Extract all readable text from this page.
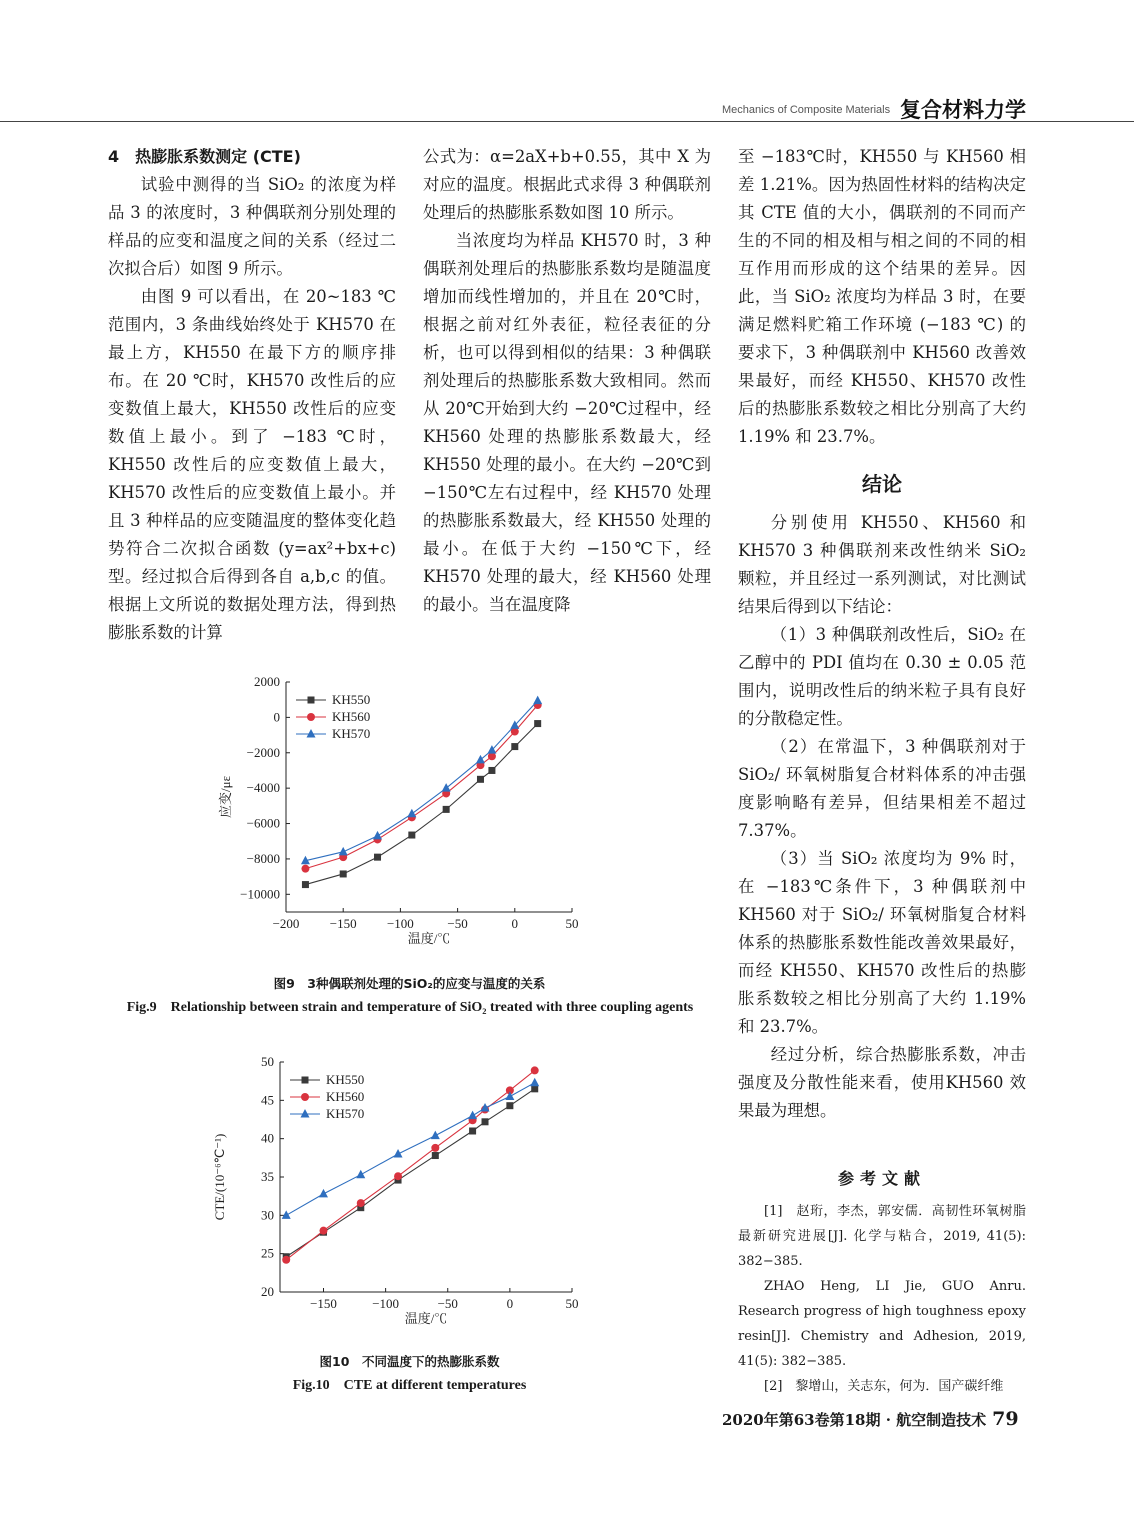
Mechanics of Composite Materials 复合材料力学

4　热膨胀系数测定 (CTE)

试验中测得的当 SiO₂ 的浓度为样品 3 的浓度时，3 种偶联剂分别处理的样品的应变和温度之间的关系（经过二次拟合后）如图 9 所示。

由图 9 可以看出，在 20~183 ℃范围内，3 条曲线始终处于 KH570 在最上方，KH550 在最下方的顺序排布。在 20 ℃时，KH570 改性后的应变数值上最大，KH550 改性后的应变数值上最小。到了 −183 ℃时，KH550 改性后的应变数值上最大，KH570 改性后的应变数值上最小。并且 3 种样品的应变随温度的整体变化趋势符合二次拟合函数 (y=ax²+bx+c) 型。经过拟合后得到各自 a,b,c 的值。根据上文所说的数据处理方法，得到热膨胀系数的计算

公式为：α=2aX+b+0.55，其中 X 为对应的温度。根据此式求得 3 种偶联剂处理后的热膨胀系数如图 10 所示。

当浓度均为样品 KH570 时，3 种偶联剂处理后的热膨胀系数均是随温度增加而线性增加的，并且在 20℃时，根据之前对红外表征，粒径表征的分析，也可以得到相似的结果：3 种偶联剂处理后的热膨胀系数大致相同。然而从 20℃开始到大约 −20℃过程中，经 KH560 处理的热膨胀系数最大，经 KH550 处理的最小。在大约 −20℃到 −150℃左右过程中，经 KH570 处理的热膨胀系数最大，经 KH550 处理的最小。在低于大约 −150℃下，经 KH570 处理的最大，经 KH560 处理的最小。当在温度降

至 −183℃时，KH550 与 KH560 相差 1.21%。因为热固性材料的结构决定其 CTE 值的大小，偶联剂的不同而产生的不同的相及相与相之间的不同的相互作用而形成的这个结果的差异。因此，当 SiO₂ 浓度均为样品 3 时，在要满足燃料贮箱工作环境 (−183 ℃) 的要求下，3 种偶联剂中 KH560 改善效果最好，而经 KH550、KH570 改性后的热膨胀系数较之相比分别高了大约 1.19% 和 23.7%。

结论

分别使用 KH550、KH560 和 KH570 3 种偶联剂来改性纳米 SiO₂ 颗粒，并且经过一系列测试，对比测试结果后得到以下结论：

（1）3 种偶联剂改性后，SiO₂ 在乙醇中的 PDI 值均在 0.30 ± 0.05 范围内，说明改性后的纳米粒子具有良好的分散稳定性。

（2）在常温下，3 种偶联剂对于 SiO₂/ 环氧树脂复合材料体系的冲击强度影响略有差异，但结果相差不超过 7.37%。

（3）当 SiO₂ 浓度均为 9% 时，在 −183℃条件下，3 种偶联剂中 KH560 对于 SiO₂/ 环氧树脂复合材料体系的热膨胀系数性能改善效果最好，而经 KH550、KH570 改性后的热膨胀系数较之相比分别高了大约 1.19% 和 23.7%。

经过分析，综合热膨胀系数，冲击强度及分散性能来看，使用KH560 效果最为理想。

参考文献

[1]　赵珩，李杰，郭安儒．高韧性环氧树脂最新研究进展[J]. 化学与粘合，2019, 41(5): 382−385.

ZHAO Heng, LI Jie, GUO Anru. Research progress of high toughness epoxy resin[J]. Chemistry and Adhesion, 2019, 41(5): 382−385.

[2]　黎增山，关志东，何为．国产碳纤维

2000
0
−2000
−4000
−6000
−8000
−10000
−200 −150 −100	−50	0	50
温度/℃
应变/με
KH550
KH560
KH570
图9　3种偶联剂处理的SiO₂的应变与温度的关系
Fig.9　Relationship between strain and temperature of SiO₂ treated with three coupling agents
20
25
30
35
40
45
50
−150	−100	−50	0	50
温度/℃
CTE/(10⁻⁶℃⁻¹)
KH550
KH560
KH570
图10　不同温度下的热膨胀系数
Fig.10　CTE at different temperatures
2020年第63卷第18期 · 航空制造技术 79
